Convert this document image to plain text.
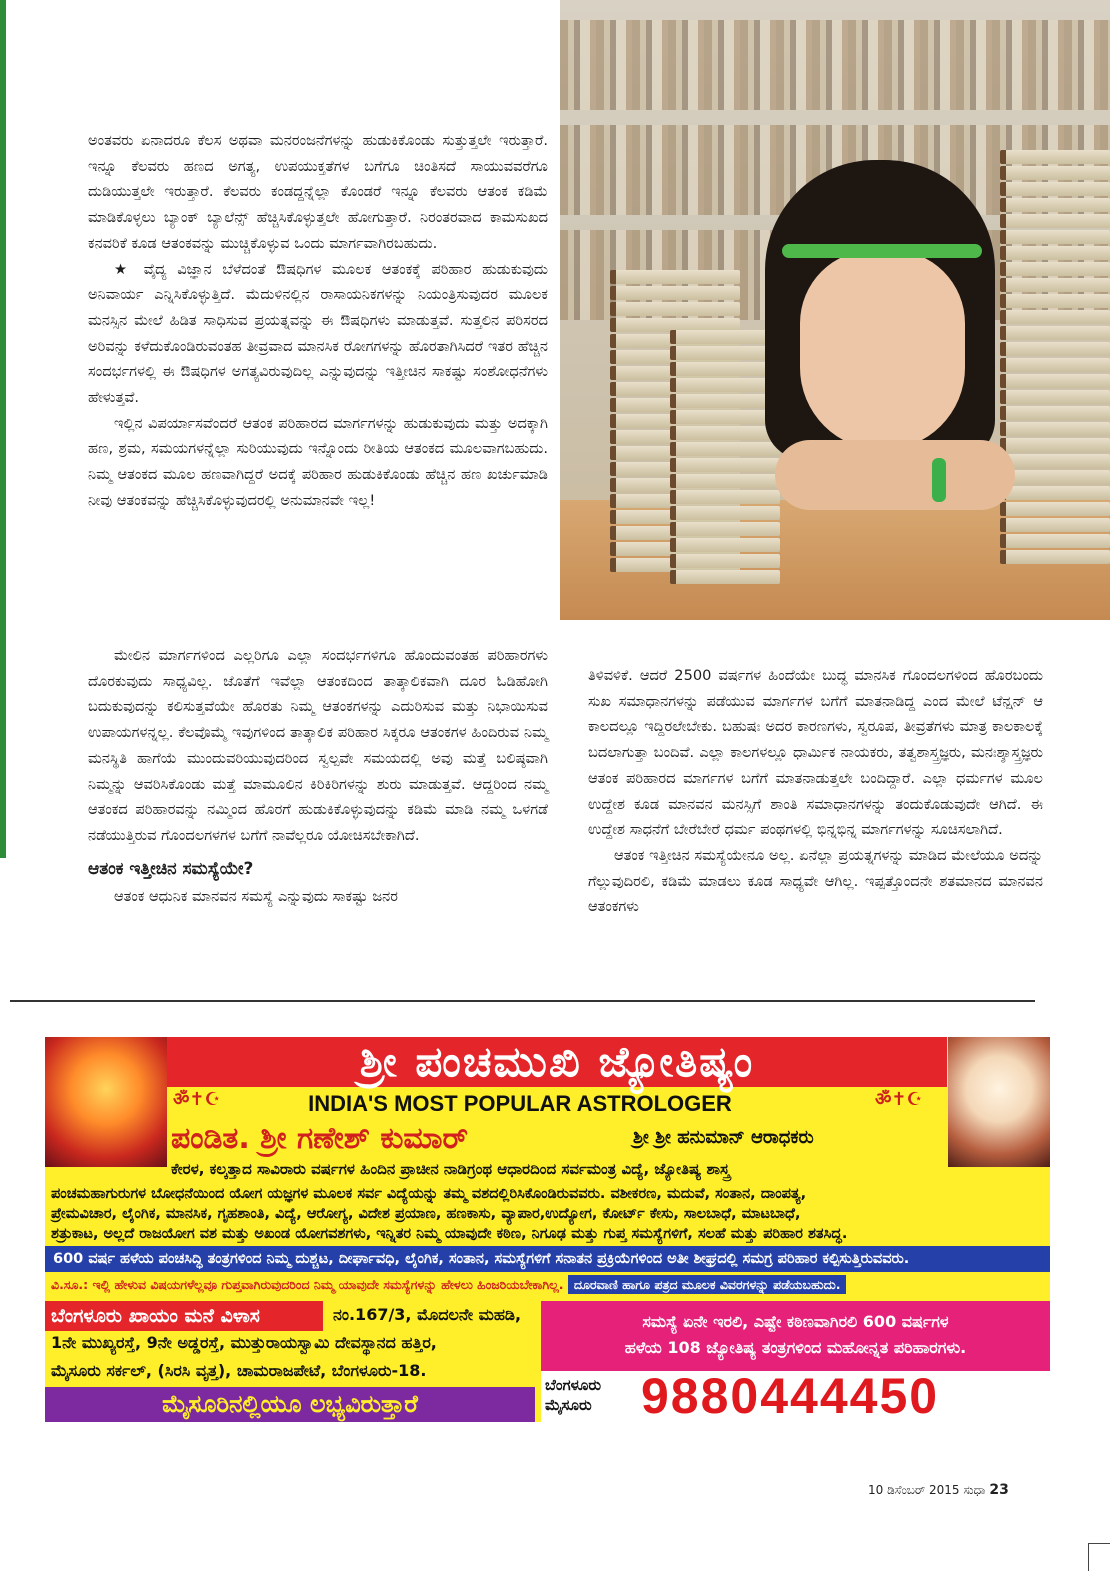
ಅಂತವರು ಏನಾದರೂ ಕೆಲಸ ಅಥವಾ ಮನರಂಜನೆಗಳನ್ನು ಹುಡುಕಿಕೊಂಡು ಸುತ್ತುತ್ತಲೇ ಇರುತ್ತಾರೆ. ಇನ್ನೂ ಕೆಲವರು ಹಣದ ಅಗತ್ಯ, ಉಪಯುಕ್ತತೆಗಳ ಬಗೆಗೂ ಚಿಂತಿಸದೆ ಸಾಯುವವರೆಗೂ ದುಡಿಯುತ್ತಲೇ ಇರುತ್ತಾರೆ. ಕೆಲವರು ಕಂಡದ್ದನ್ನೆಲ್ಲಾ ಕೊಂಡರೆ ಇನ್ನೂ ಕೆಲವರು ಆತಂಕ ಕಡಿಮೆ ಮಾಡಿಕೊಳ್ಳಲು ಬ್ಯಾಂಕ್ ಬ್ಯಾಲೆನ್ಸ್ ಹೆಚ್ಚಿಸಿಕೊಳ್ಳುತ್ತಲೇ ಹೋಗುತ್ತಾರೆ. ನಿರಂತರವಾದ ಕಾಮಸುಖದ ಕನವರಿಕೆ ಕೂಡ ಆತಂಕವನ್ನು ಮುಚ್ಚಿಕೊಳ್ಳುವ ಒಂದು ಮಾರ್ಗವಾಗಿರಬಹುದು.

★ ವೈದ್ಯ ವಿಜ್ಞಾನ ಬೆಳೆದಂತೆ ಔಷಧಿಗಳ ಮೂಲಕ ಆತಂಕಕ್ಕೆ ಪರಿಹಾರ ಹುಡುಕುವುದು ಅನಿವಾರ್ಯ ಎನ್ನಿಸಿಕೊಳ್ಳುತ್ತಿದೆ. ಮೆದುಳಿನಲ್ಲಿನ ರಾಸಾಯನಿಕಗಳನ್ನು ನಿಯಂತ್ರಿಸುವುದರ ಮೂಲಕ ಮನಸ್ಸಿನ ಮೇಲೆ ಹಿಡಿತ ಸಾಧಿಸುವ ಪ್ರಯತ್ನವನ್ನು ಈ ಔಷಧಿಗಳು ಮಾಡುತ್ತವೆ. ಸುತ್ತಲಿನ ಪರಿಸರದ ಅರಿವನ್ನು ಕಳೆದುಕೊಂಡಿರುವಂತಹ ತೀವ್ರವಾದ ಮಾನಸಿಕ ರೋಗಗಳನ್ನು ಹೊರತಾಗಿಸಿದರೆ ಇತರ ಹೆಚ್ಚಿನ ಸಂದರ್ಭಗಳಲ್ಲಿ ಈ ಔಷಧಿಗಳ ಅಗತ್ಯವಿರುವುದಿಲ್ಲ ಎನ್ನುವುದನ್ನು ಇತ್ತೀಚಿನ ಸಾಕಷ್ಟು ಸಂಶೋಧನೆಗಳು ಹೇಳುತ್ತವೆ.

ಇಲ್ಲಿನ ವಿಪರ್ಯಾಸವೆಂದರೆ ಆತಂಕ ಪರಿಹಾರದ ಮಾರ್ಗಗಳನ್ನು ಹುಡುಕುವುದು ಮತ್ತು ಅದಕ್ಕಾಗಿ ಹಣ, ಶ್ರಮ, ಸಮಯಗಳನ್ನೆಲ್ಲಾ ಸುರಿಯುವುದು ಇನ್ನೊಂದು ರೀತಿಯ ಆತಂಕದ ಮೂಲವಾಗಬಹುದು. ನಿಮ್ಮ ಆತಂಕದ ಮೂಲ ಹಣವಾಗಿದ್ದರೆ ಅದಕ್ಕೆ ಪರಿಹಾರ ಹುಡುಕಿಕೊಂಡು ಹೆಚ್ಚಿನ ಹಣ ಖರ್ಚುಮಾಡಿ ನೀವು ಆತಂಕವನ್ನು ಹೆಚ್ಚಿಸಿಕೊಳ್ಳುವುದರಲ್ಲಿ ಅನುಮಾನವೇ ಇಲ್ಲ!

ಮೇಲಿನ ಮಾರ್ಗಗಳಿಂದ ಎಲ್ಲರಿಗೂ ಎಲ್ಲಾ ಸಂದರ್ಭಗಳಿಗೂ ಹೊಂದುವಂತಹ ಪರಿಹಾರಗಳು ದೊರಕುವುದು ಸಾಧ್ಯವಿಲ್ಲ. ಜೊತೆಗೆ ಇವೆಲ್ಲಾ ಆತಂಕದಿಂದ ತಾತ್ಕಾಲಿಕವಾಗಿ ದೂರ ಓಡಿಹೋಗಿ ಬದುಕುವುದನ್ನು ಕಲಿಸುತ್ತವೆಯೇ ಹೊರತು ನಿಮ್ಮ ಆತಂಕಗಳನ್ನು ಎದುರಿಸುವ ಮತ್ತು ನಿಭಾಯಿಸುವ ಉಪಾಯಗಳನ್ನಲ್ಲ. ಕೆಲವೊಮ್ಮೆ ಇವುಗಳಿಂದ ತಾತ್ಕಾಲಿಕ ಪರಿಹಾರ ಸಿಕ್ಕರೂ ಆತಂಕಗಳ ಹಿಂದಿರುವ ನಿಮ್ಮ ಮನಸ್ಥಿತಿ ಹಾಗೆಯೆ ಮುಂದುವರಿಯುವುದರಿಂದ ಸ್ವಲ್ಪವೇ ಸಮಯದಲ್ಲಿ ಅವು ಮತ್ತೆ ಬಲಿಷ್ಠವಾಗಿ ನಿಮ್ಮನ್ನು ಆವರಿಸಿಕೊಂಡು ಮತ್ತೆ ಮಾಮೂಲಿನ ಕಿರಿಕಿರಿಗಳನ್ನು ಶುರು ಮಾಡುತ್ತವೆ. ಆದ್ದರಿಂದ ನಮ್ಮ ಆತಂಕದ ಪರಿಹಾರವನ್ನು ನಮ್ಮಿಂದ ಹೊರಗೆ ಹುಡುಕಿಕೊಳ್ಳುವುದನ್ನು ಕಡಿಮೆ ಮಾಡಿ ನಮ್ಮ ಒಳಗಡೆ ನಡೆಯುತ್ತಿರುವ ಗೊಂದಲಗಳಗಳ ಬಗೆಗೆ ನಾವೆಲ್ಲರೂ ಯೋಚಿಸಬೇಕಾಗಿದೆ.

ಆತಂಕ ಇತ್ತೀಚಿನ ಸಮಸ್ಯೆಯೇ?

ಆತಂಕ ಆಧುನಿಕ ಮಾನವನ ಸಮಸ್ಯೆ ಎನ್ನುವುದು ಸಾಕಷ್ಟು ಜನರ

ತಿಳಿವಳಿಕೆ. ಆದರೆ 2500 ವರ್ಷಗಳ ಹಿಂದೆಯೇ ಬುದ್ಧ ಮಾನಸಿಕ ಗೊಂದಲಗಳಿಂದ ಹೊರಬಂದು ಸುಖ ಸಮಾಧಾನಗಳನ್ನು ಪಡೆಯುವ ಮಾರ್ಗಗಳ ಬಗೆಗೆ ಮಾತನಾಡಿದ್ದ ಎಂದ ಮೇಲೆ ಟೆನ್ಷನ್ ಆ ಕಾಲದಲ್ಲೂ ಇದ್ದಿರಲೇಬೇಕು. ಬಹುಷಃ ಅದರ ಕಾರಣಗಳು, ಸ್ವರೂಪ, ತೀವ್ರತೆಗಳು ಮಾತ್ರ ಕಾಲಕಾಲಕ್ಕೆ ಬದಲಾಗುತ್ತಾ ಬಂದಿವೆ. ಎಲ್ಲಾ ಕಾಲಗಳಲ್ಲೂ ಧಾರ್ಮಿಕ ನಾಯಕರು, ತತ್ವಶಾಸ್ತ್ರಜ್ಞರು, ಮನಃಶ್ಶಾಸ್ತ್ರಜ್ಞರು ಆತಂಕ ಪರಿಹಾರದ ಮಾರ್ಗಗಳ ಬಗೆಗೆ ಮಾತನಾಡುತ್ತಲೇ ಬಂದಿದ್ದಾರೆ. ಎಲ್ಲಾ ಧರ್ಮಗಳ ಮೂಲ ಉದ್ದೇಶ ಕೂಡ ಮಾನವನ ಮನಸ್ಸಿಗೆ ಶಾಂತಿ ಸಮಾಧಾನಗಳನ್ನು ತಂದುಕೊಡುವುದೇ ಆಗಿದೆ. ಈ ಉದ್ದೇಶ ಸಾಧನೆಗೆ ಬೇರೆಬೇರೆ ಧರ್ಮ ಪಂಥಗಳಲ್ಲಿ ಭಿನ್ನಭಿನ್ನ ಮಾರ್ಗಗಳನ್ನು ಸೂಚಿಸಲಾಗಿದೆ.

ಆತಂಕ ಇತ್ತೀಚಿನ ಸಮಸ್ಯೆಯೇನೂ ಅಲ್ಲ. ಏನೆಲ್ಲಾ ಪ್ರಯತ್ನಗಳನ್ನು ಮಾಡಿದ ಮೇಲೆಯೂ ಅದನ್ನು ಗೆಲ್ಲುವುದಿರಲಿ, ಕಡಿಮೆ ಮಾಡಲು ಕೂಡ ಸಾಧ್ಯವೇ ಆಗಿಲ್ಲ. ಇಪ್ಪತ್ತೊಂದನೇ ಶತಮಾನದ ಮಾನವನ ಆತಂಕಗಳು

ಶ್ರೀ ಪಂಚಮುಖಿ ಜ್ಯೋತಿಷ್ಯಂ
ॐ✝☪	ॐ✝☪
INDIA'S MOST POPULAR ASTROLOGER
ಪಂಡಿತ. ಶ್ರೀ ಗಣೇಶ್ ಕುಮಾರ್	ಶ್ರೀ ಶ್ರೀ ಹನುಮಾನ್ ಆರಾಧಕರು
ಕೇರಳ, ಕಲ್ಕತ್ತಾದ ಸಾವಿರಾರು ವರ್ಷಗಳ ಹಿಂದಿನ ಪ್ರಾಚೀನ ನಾಡಿಗ್ರಂಥ ಆಧಾರದಿಂದ ಸರ್ವಮಂತ್ರ ವಿದ್ಯೆ, ಜ್ಯೋತಿಷ್ಯ ಶಾಸ್ತ್ರ
ಪಂಚಮಹಾಗುರುಗಳ ಬೋಧನೆಯಿಂದ ಯೋಗ ಯಜ್ಞಗಳ ಮೂಲಕ ಸರ್ವ ವಿದ್ಯೆಯನ್ನು ತಮ್ಮ ವಶದಲ್ಲಿರಿಸಿಕೊಂಡಿರುವವರು. ವಶೀಕರಣ, ಮದುವೆ, ಸಂತಾನ, ದಾಂಪತ್ಯ,
ಪ್ರೇಮವಿಚಾರ, ಲೈಂಗಿಕ, ಮಾನಸಿಕ, ಗೃಹಶಾಂತಿ, ವಿದ್ಯೆ, ಆರೋಗ್ಯ, ವಿದೇಶ ಪ್ರಯಾಣ, ಹಣಕಾಸು, ವ್ಯಾಪಾರ,ಉದ್ಯೋಗ, ಕೋರ್ಟ್ ಕೇಸು, ಸಾಲಬಾಧೆ, ಮಾಟಬಾಧೆ,
ಶತ್ರುಕಾಟ, ಅಲ್ಲದೆ ರಾಜಯೋಗ ವಶ ಮತ್ತು ಅಖಂಡ ಯೋಗವಶಗಳು, ಇನ್ನಿತರ ನಿಮ್ಮ ಯಾವುದೇ ಕಠಿಣ, ನಿಗೂಢ ಮತ್ತು ಗುಪ್ತ ಸಮಸ್ಯೆಗಳಿಗೆ, ಸಲಹೆ ಮತ್ತು ಪರಿಹಾರ ಶತಸಿದ್ಧ.
600 ವರ್ಷ ಹಳೆಯ ಪಂಚಸಿದ್ಧಿ ತಂತ್ರಗಳಿಂದ ನಿಮ್ಮ ದುಶ್ಚಟ, ದೀರ್ಘಾವಧಿ, ಲೈಂಗಿಕ, ಸಂತಾನ, ಸಮಸ್ಯೆಗಳಿಗೆ ಸನಾತನ ಪ್ರಕ್ರಿಯೆಗಳಿಂದ ಅತೀ ಶೀಘ್ರದಲ್ಲಿ ಸಮಗ್ರ ಪರಿಹಾರ ಕಲ್ಪಿಸುತ್ತಿರುವವರು.
ವಿ.ಸೂ.: ಇಲ್ಲಿ ಹೇಳುವ ವಿಷಯಗಳೆಲ್ಲವೂ ಗುಪ್ತವಾಗಿರುವುದರಿಂದ ನಿಮ್ಮ ಯಾವುದೇ ಸಮಸ್ಯೆಗಳನ್ನು ಹೇಳಲು ಹಿಂಜರಿಯಬೇಕಾಗಿಲ್ಲ. ದೂರವಾಣಿ ಹಾಗೂ ಪತ್ರದ ಮೂಲಕ ವಿವರಗಳನ್ನು ಪಡೆಯಬಹುದು.
ನಂ.167/3, ಮೊದಲನೇ ಮಹಡಿ,
1ನೇ ಮುಖ್ಯರಸ್ತೆ, 9ನೇ ಅಡ್ಡರಸ್ತೆ, ಮುತ್ತುರಾಯಸ್ವಾಮಿ ದೇವಸ್ಥಾನದ ಹತ್ತಿರ,
ಮೈಸೂರು ಸರ್ಕಲ್, (ಸಿರಸಿ ವೃತ್ತ), ಚಾಮರಾಜಪೇಟೆ, ಬೆಂಗಳೂರು-18.
ಬೆಂಗಳೂರು ಖಾಯಂ ಮನೆ ವಿಳಾಸ
ಮೈಸೂರಿನಲ್ಲಿಯೂ ಲಭ್ಯವಿರುತ್ತಾರೆ
ಸಮಸ್ಯೆ ಏನೇ ಇರಲಿ, ಎಷ್ಟೇ ಕಠಿಣವಾಗಿರಲಿ 600 ವರ್ಷಗಳ
ಹಳೆಯ 108 ಜ್ಯೋತಿಷ್ಯ ತಂತ್ರಗಳಿಂದ ಮಹೋನ್ನತ ಪರಿಹಾರಗಳು.
ಬೆಂಗಳೂರು
ಮೈಸೂರು 9880444450
10 ಡಿಸೆಂಬರ್ 2015 ಸುಧಾ 23
